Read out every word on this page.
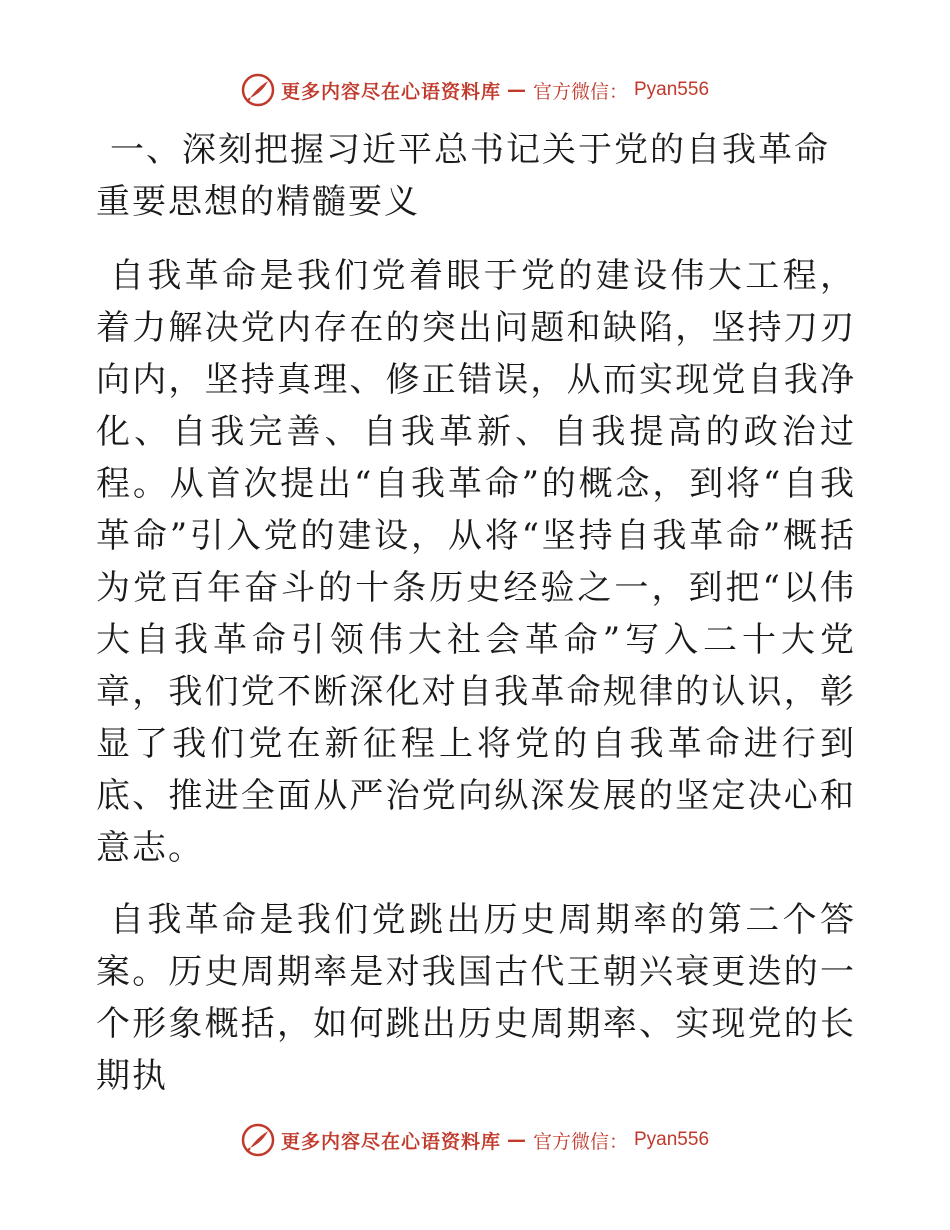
更多内容尽在心语资料库 — 官方微信： Pyan556
一、深刻把握习近平总书记关于党的自我革命重要思想的精髓要义

自我革命是我们党着眼于党的建设伟大工程，着力解决党内存在的突出问题和缺陷，坚持刀刃向内，坚持真理、修正错误，从而实现党自我净化、自我完善、自我革新、自我提高的政治过程。从首次提出“自我革命”的概念，到将“自我革命”引入党的建设，从将“坚持自我革命”概括为党百年奋斗的十条历史经验之一，到把“以伟大自我革命引领伟大社会革命”写入二十大党章，我们党不断深化对自我革命规律的认识，彰显了我们党在新征程上将党的自我革命进行到底、推进全面从严治党向纵深发展的坚定决心和意志。

自我革命是我们党跳出历史周期率的第二个答案。历史周期率是对我国古代王朝兴衰更迭的一个形象概括，如何跳出历史周期率、实现党的长期执

更多内容尽在心语资料库 — 官方微信： Pyan556
